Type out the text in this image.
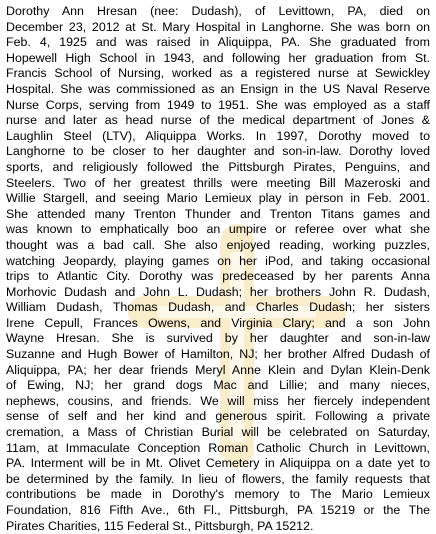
Dorothy Ann Hresan (nee: Dudash), of Levittown, PA, died on
December 23, 2012 at St. Mary Hospital in Langhorne. She was born on
Feb. 4, 1925 and was raised in Aliquippa, PA. She graduated from
Hopewell High School in 1943, and following her graduation from St.
Francis School of Nursing, worked as a registered nurse at Sewickley
Hospital. She was commissioned as an Ensign in the US Naval Reserve
Nurse Corps, serving from 1949 to 1951. She was employed as a staff
nurse and later as head nurse of the medical department of Jones &
Laughlin Steel (LTV), Aliquippa Works. In 1997, Dorothy moved to
Langhorne to be closer to her daughter and son-in-law. Dorothy loved
sports, and religiously followed the Pittsburgh Pirates, Penguins, and
Steelers. Two of her greatest thrills were meeting Bill Mazeroski and
Willie Stargell, and seeing Mario Lemieux play in person in Feb. 2001.
She attended many Trenton Thunder and Trenton Titans games and
was known to emphatically boo an umpire or referee over what she
thought was a bad call. She also enjoyed reading, working puzzles,
watching Jeopardy, playing games on her iPod, and taking occasional
trips to Atlantic City. Dorothy was predeceased by her parents Anna
Morhovic Dudash and John L. Dudash; her brothers John R. Dudash,
William Dudash, Thomas Dudash, and Charles Dudash; her sisters
Irene Cepull, Frances Owens, and Virginia Clary; and a son John
Wayne Hresan. She is survived by her daughter and son-in-law
Suzanne and Hugh Bower of Hamilton, NJ; her brother Alfred Dudash of
Aliquippa, PA; her dear friends Meryl Anne Klein and Dylan Klein-Denk
of Ewing, NJ; her grand dogs Mac and Lillie; and many nieces,
nephews, cousins, and friends. We will miss her fiercely independent
sense of self and her kind and generous spirit. Following a private
cremation, a Mass of Christian Burial will be celebrated on Saturday,
11am, at Immaculate Conception Roman Catholic Church in Levittown,
PA. Interment will be in Mt. Olivet Cemetery in Aliquippa on a date yet to
be determined by the family. In lieu of flowers, the family requests that
contributions be made in Dorothy's memory to The Mario Lemieux
Foundation, 816 Fifth Ave., 6th Fl., Pittsburgh, PA 15219 or the The
Pirates Charities, 115 Federal St., Pittsburgh, PA 15212.
